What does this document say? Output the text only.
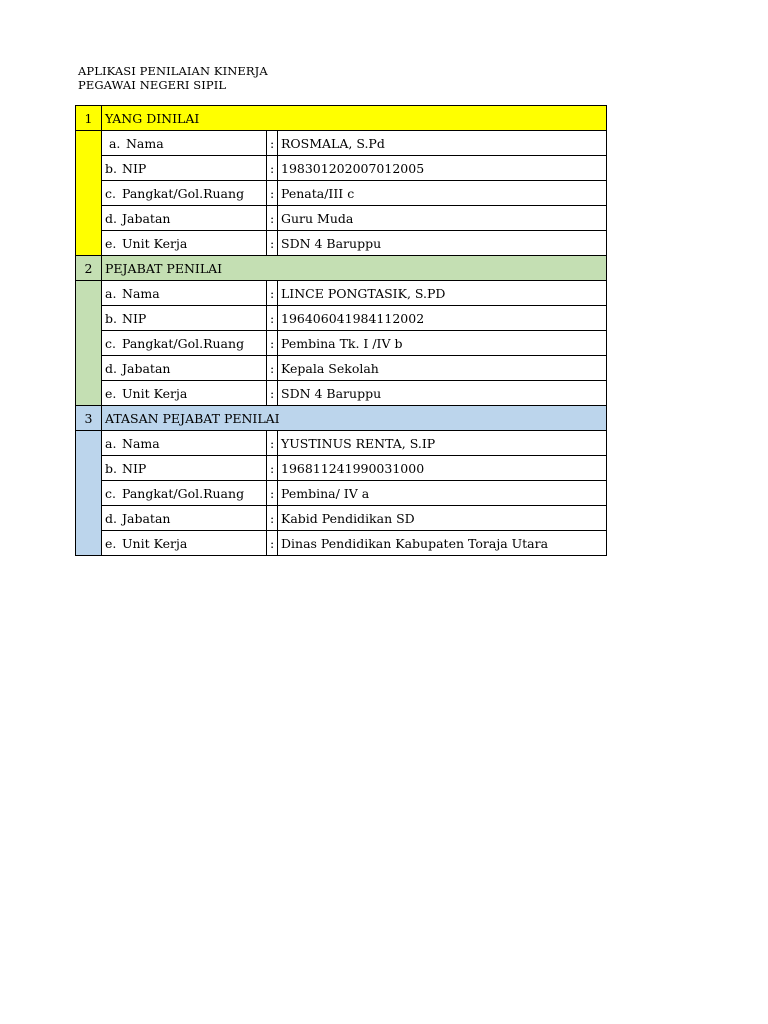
APLIKASI PENILAIAN KINERJA
PEGAWAI NEGERI SIPIL
1	YANG DINILAI		
	a. Nama	:	ROSMALA, S.Pd
	b. NIP	:	198301202007012005
	c. Pangkat/Gol.Ruang	:	Penata/III c
	d. Jabatan	:	Guru Muda
	e. Unit Kerja	:	SDN 4 Baruppu
2	PEJABAT PENILAI		
	a. Nama	:	LINCE PONGTASIK, S.PD
	b. NIP	:	196406041984112002
	c. Pangkat/Gol.Ruang	:	Pembina Tk. I /IV b
	d. Jabatan	:	Kepala Sekolah
	e. Unit Kerja	:	SDN 4 Baruppu
3	ATASAN PEJABAT PENILAI		
	a. Nama	:	YUSTINUS RENTA, S.IP
	b. NIP	:	196811241990031000
	c. Pangkat/Gol.Ruang	:	Pembina/ IV a
	d. Jabatan	:	Kabid Pendidikan SD
	e. Unit Kerja	:	Dinas Pendidikan Kabupaten Toraja Utara
